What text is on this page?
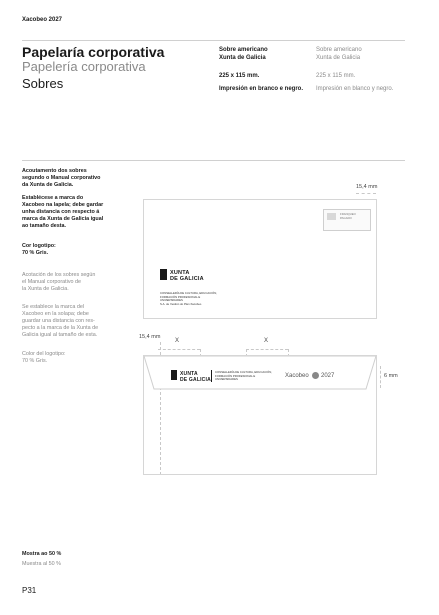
Xacobeo 2027
Papelaría corporativa
Papelería corporativa
Sobres
Sobre americano
Xunta de Galicia
225 x 115 mm.
Impresión en branco e negro.
Sobre americano
Xunta de Galicia
225 x 115 mm.
Impresión en blanco y negro.
Acoutamento dos sobres
segundo o Manual corporativo
da Xunta de Galicia.
Establécese a marca do
Xacobeo na lapela; debe gardar
unha distancia con respecto á
marca da Xunta de Galicia igual
ao tamaño desta.
Cor logotipo:
70 % Gris.
Acotación de los sobres según
el Manual corporativo de
la Xunta de Galicia.
Se establece la marca del
Xacobeo en la solapa; debe
guardar una distancia con res-
pecto a la marca de la Xunta de
Galicia igual al tamaño de esta.
Color del logotipo:
70 % Gris.
15,4 mm
XUNTA
DE GALICIA
CONSELLERÍA DE CULTURA, EDUCACIÓN,
FORMACIÓN PROFESIONAL E
UNIVERSIDADES
S.A. de Xestión do Plan Xacobeo
FRANQUEO
PAGADO
15,4 mm
X	X
XUNTA
DE GALICIA
CONSELLERÍA DE CULTURA, EDUCACIÓN,
FORMACIÓN PROFESIONAL E
UNIVERSIDADES
Xacobeo 2027	6 mm
Mostra ao 50 %
Muestra al 50 %
P31
